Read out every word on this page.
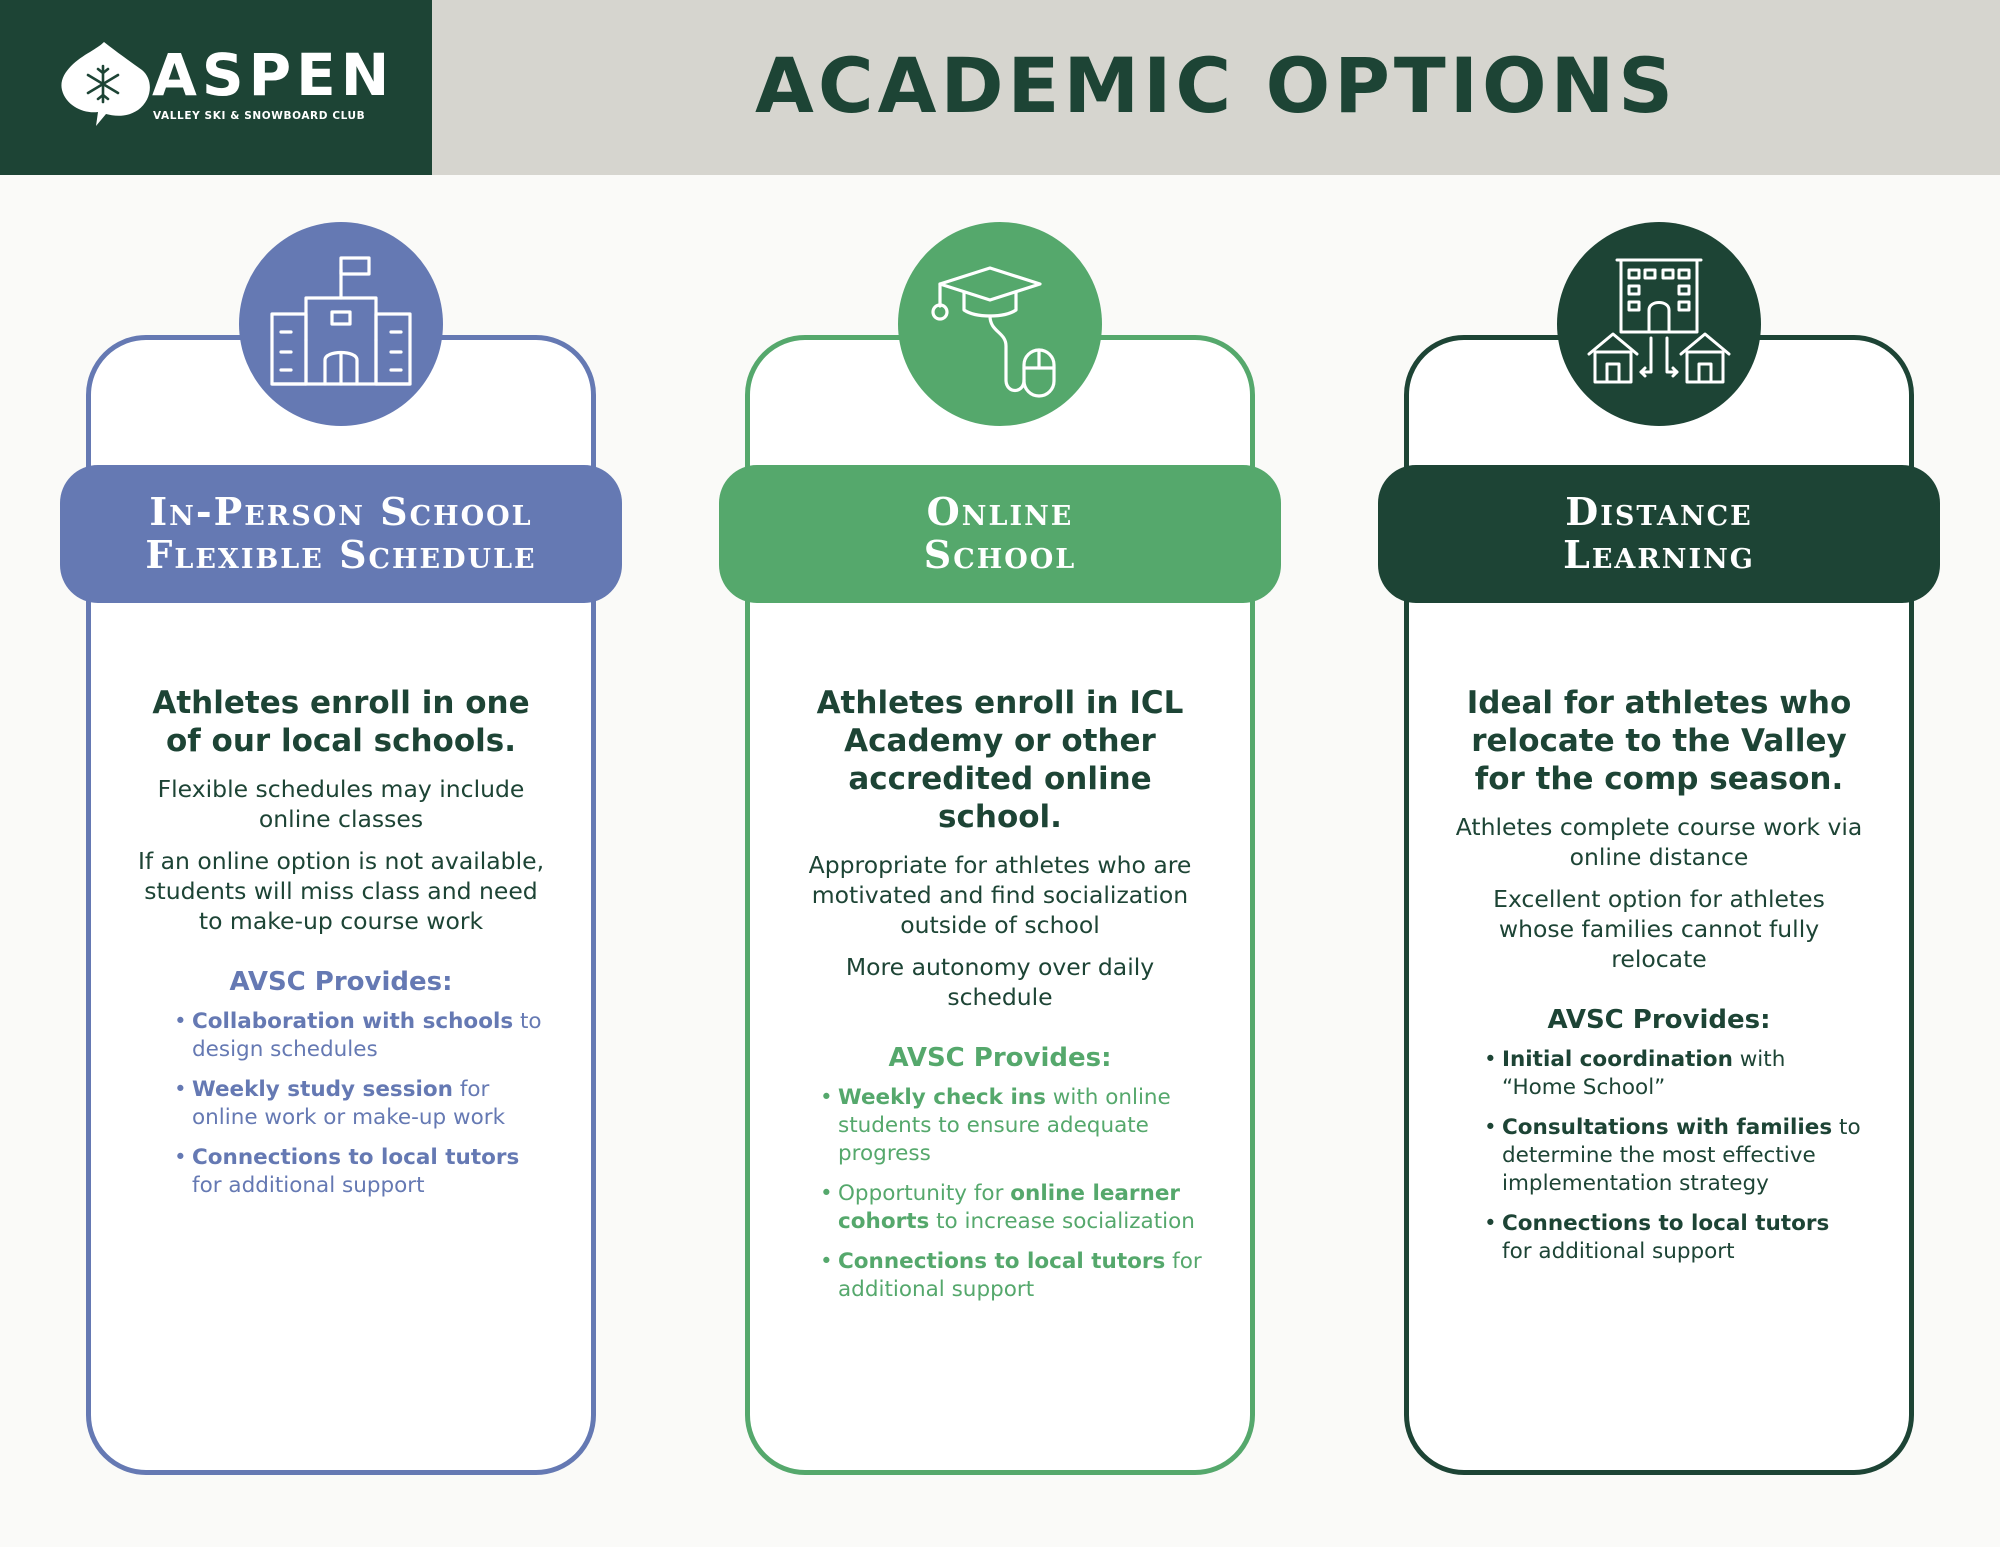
ASPEN
VALLEY SKI & SNOWBOARD CLUB	ACADEMIC OPTIONS
In-Person School
Flexible Schedule
Athletes enroll in one of our local schools.
Flexible schedules may include online classes
If an online option is not available, students will miss class and need to make-up course work
AVSC Provides:
• Collaboration with schools to design schedules
• Weekly study session for online work or make-up work
• Connections to local tutors for additional support
Online
School
Athletes enroll in ICL Academy or other accredited online school.
Appropriate for athletes who are motivated and find socialization outside of school
More autonomy over daily schedule
AVSC Provides:
• Weekly check ins with online students to ensure adequate progress
• Opportunity for online learner cohorts to increase socialization
• Connections to local tutors for additional support
Distance
Learning
Ideal for athletes who relocate to the Valley for the comp season.
Athletes complete course work via online distance
Excellent option for athletes whose families cannot fully relocate
AVSC Provides:
• Initial coordination with “Home School”
• Consultations with families to determine the most effective implementation strategy
• Connections to local tutors for additional support
